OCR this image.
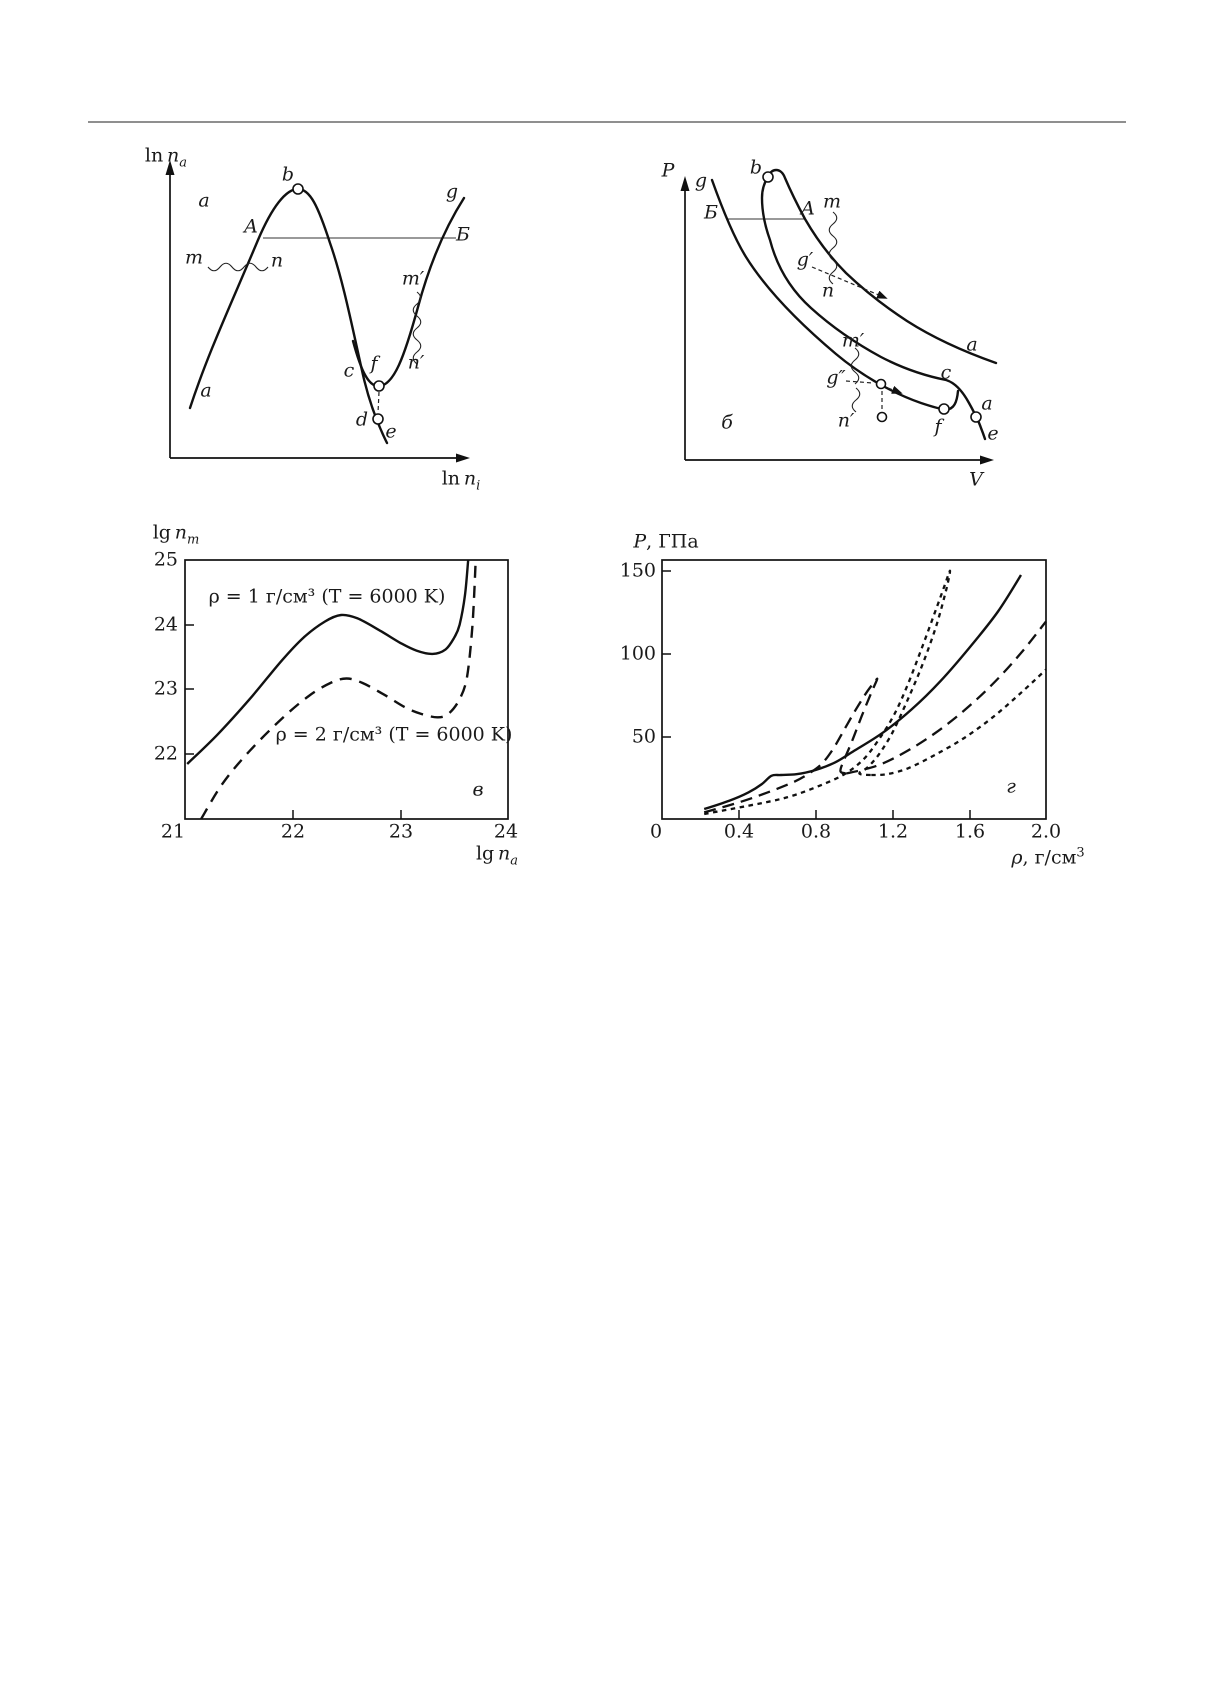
$\ln n_a$
$\ln n_i$
а
a
b
g
A	Б
m	n
m′
n′
c f
d
e
P
V
g
b
Б	A m
n
g′
m′
g″
n′
c
f
a
a
e
б
$\lg n_m$
25
24
23
22
21	22	23	24
$\lg n_a$
ρ = 1 г/см³ (T = 6000 K)
ρ = 2 г/см³ (T = 6000 K)
в
P, ГПа
150
100
50
0	0.4 0.8 1.2 1.6 2.0
ρ, $г/см^3$
г
